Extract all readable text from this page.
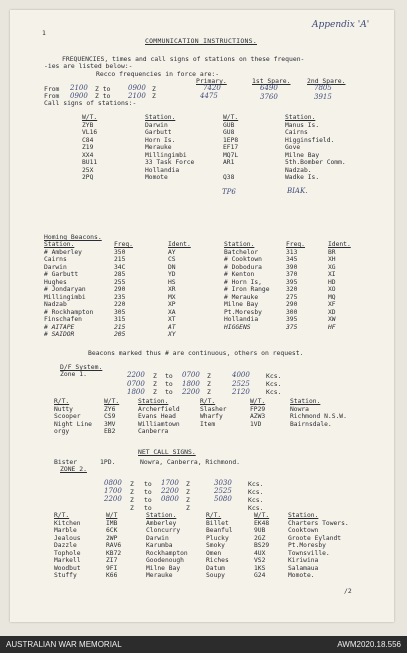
Appendix 'A'
1
COMMUNICATION INSTRUCTIONS.
FREQUENCIES, times and call signs of stations on these frequen-
-ies are listed below:-
Recco frequencies in force are:-
Primary.	1st Spare.	2nd Spare.
From 2100 Z to	0900 Z	7420	6490	7805
From 0900 Z to	2100 Z	4475	3760	3915
Call signs of stations:-
W/T.	Station.	W/T.	Station.
ZYB	Darwin	GUB	Manus Is.
VL16	Garbutt	GU8	Cairns
C84	Horn Is.	1EP8	Higginsfield.
Z19	Merauke	EF17	Gove
XX4	Millingimbi	MQ7L	Milne Bay
BU11	33 Task Force	AR1	5th.Bomber Comm.
25X	Hollandia		Nadzab.
2PQ	Momote	Q38	Wadke Is.
TP6	BIAK.
Homing Beacons.
Station.	Freq.	Ident.	Station.	Freq.	Ident.
# Amberley	350	AY	Batchelor	313	BR
Cairns	215	CS	# Cooktown	345	XH
Darwin	34C	DN	# Dobodura	390	XG
# Garbutt	285	YD	# Kenton	370	XI
Hughes	255	HS	# Horn Is,	395	HD
# Jondaryan	290	XR	# Iron Range	320	XO
Millingimbi	235	MX	# Merauke	275	MQ
Nadzab	220	XP	Milne Bay	290	XF
# Rockhampton	305	XA	Pt.Moresby	300	XD
Finschafen	315	XT	Hollandia	395	XW
# AITAPE	215	AT	HIGGENS	375	HF
# SAIDOR	205	XY			
Beacons marked thus # are continuous, others on request.
D/F System.
Zone 1.	2200 Z to 0700 Z	4000	Kcs.
0700 Z to 1800 Z	2525	Kcs.
1800 Z to 2200 Z	2120	Kcs.
R/T.	W/T.	Station.	R/T.	W/T.	Station.
Nutty	ZY6	Archerfield	Slasher	FP29	Nowra
Scooper	CS9	Evans Head	Wharfy	AZW3	Richmond N.S.W.
Night Line	3MV	Williamtown	Item	1VD	Bairnsdale.
orgy	EB2	Canberra			
NET CALL SIGNS.
Bister	1PD.	Nowra, Canberra, Richmond.
ZONE 2.
0800 Z to 1700 Z	3030	Kcs.
1700 Z to 2200 Z	2525	Kcs.
2200 Z to 0800 Z	5080	Kcs.
Z to	Z	Kcs.
R/T.	W/T	Station.	R/T.	W/T.	Station.
Kitchen	IMB	Amberley	Billet	EK48	Charters Towers.
Marble	6CK	Cloncurry	Beanful	9UB	Cooktown
Jealous	2WP	Darwin	Plucky	2GZ	Groote Eylandt
Dazzle	RAV6	Karumba	Smoky	BS29	Pt.Moresby
Tophole	KB72	Rockhampton	Omen	4UX	Townsville.
Markell	ZI7	Goodenough	Riches	VS2	Kiriwina
Woodbut	9FI	Milne Bay	Datum	1KS	Salamaua
Stuffy	K66	Merauke	Soupy	G24	Momote.
/2
AUSTRALIAN WAR MEMORIAL	AWM2020.18.556
